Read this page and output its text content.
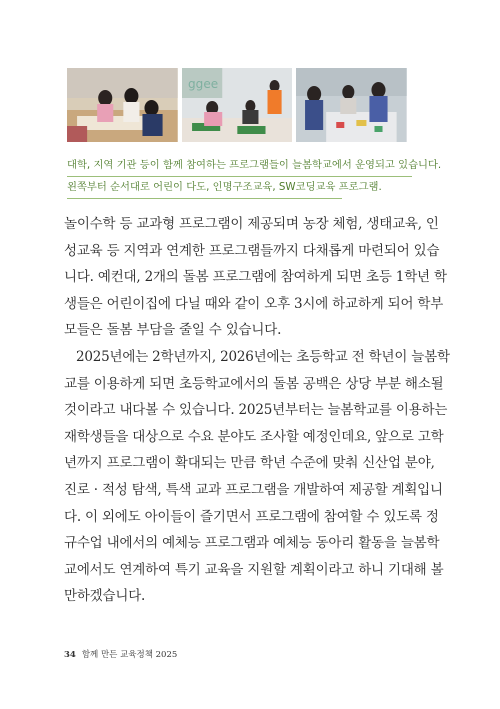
ggee
대학, 지역 기관 등이 함께 참여하는 프로그램들이 늘봄학교에서 운영되고 있습니다.
왼쪽부터 순서대로 어린이 다도, 인명구조교육, SW코딩교육 프로그램.
놀이수학 등 교과형 프로그램이 제공되며 농장 체험, 생태교육, 인
성교육 등 지역과 연계한 프로그램들까지 다채롭게 마련되어 있습
니다. 예컨대, 2개의 돌봄 프로그램에 참여하게 되면 초등 1학년 학
생들은 어린이집에 다닐 때와 같이 오후 3시에 하교하게 되어 학부
모들은 돌봄 부담을 줄일 수 있습니다.
2025년에는 2학년까지, 2026년에는 초등학교 전 학년이 늘봄학
교를 이용하게 되면 초등학교에서의 돌봄 공백은 상당 부분 해소될
것이라고 내다볼 수 있습니다. 2025년부터는 늘봄학교를 이용하는
재학생들을 대상으로 수요 분야도 조사할 예정인데요, 앞으로 고학
년까지 프로그램이 확대되는 만큼 학년 수준에 맞춰 신산업 분야,
진로 · 적성 탐색, 특색 교과 프로그램을 개발하여 제공할 계획입니
다. 이 외에도 아이들이 즐기면서 프로그램에 참여할 수 있도록 정
규수업 내에서의 예체능 프로그램과 예체능 동아리 활동을 늘봄학
교에서도 연계하여 특기 교육을 지원할 계획이라고 하니 기대해 볼
만하겠습니다.
34 함께 만든 교육정책 2025
